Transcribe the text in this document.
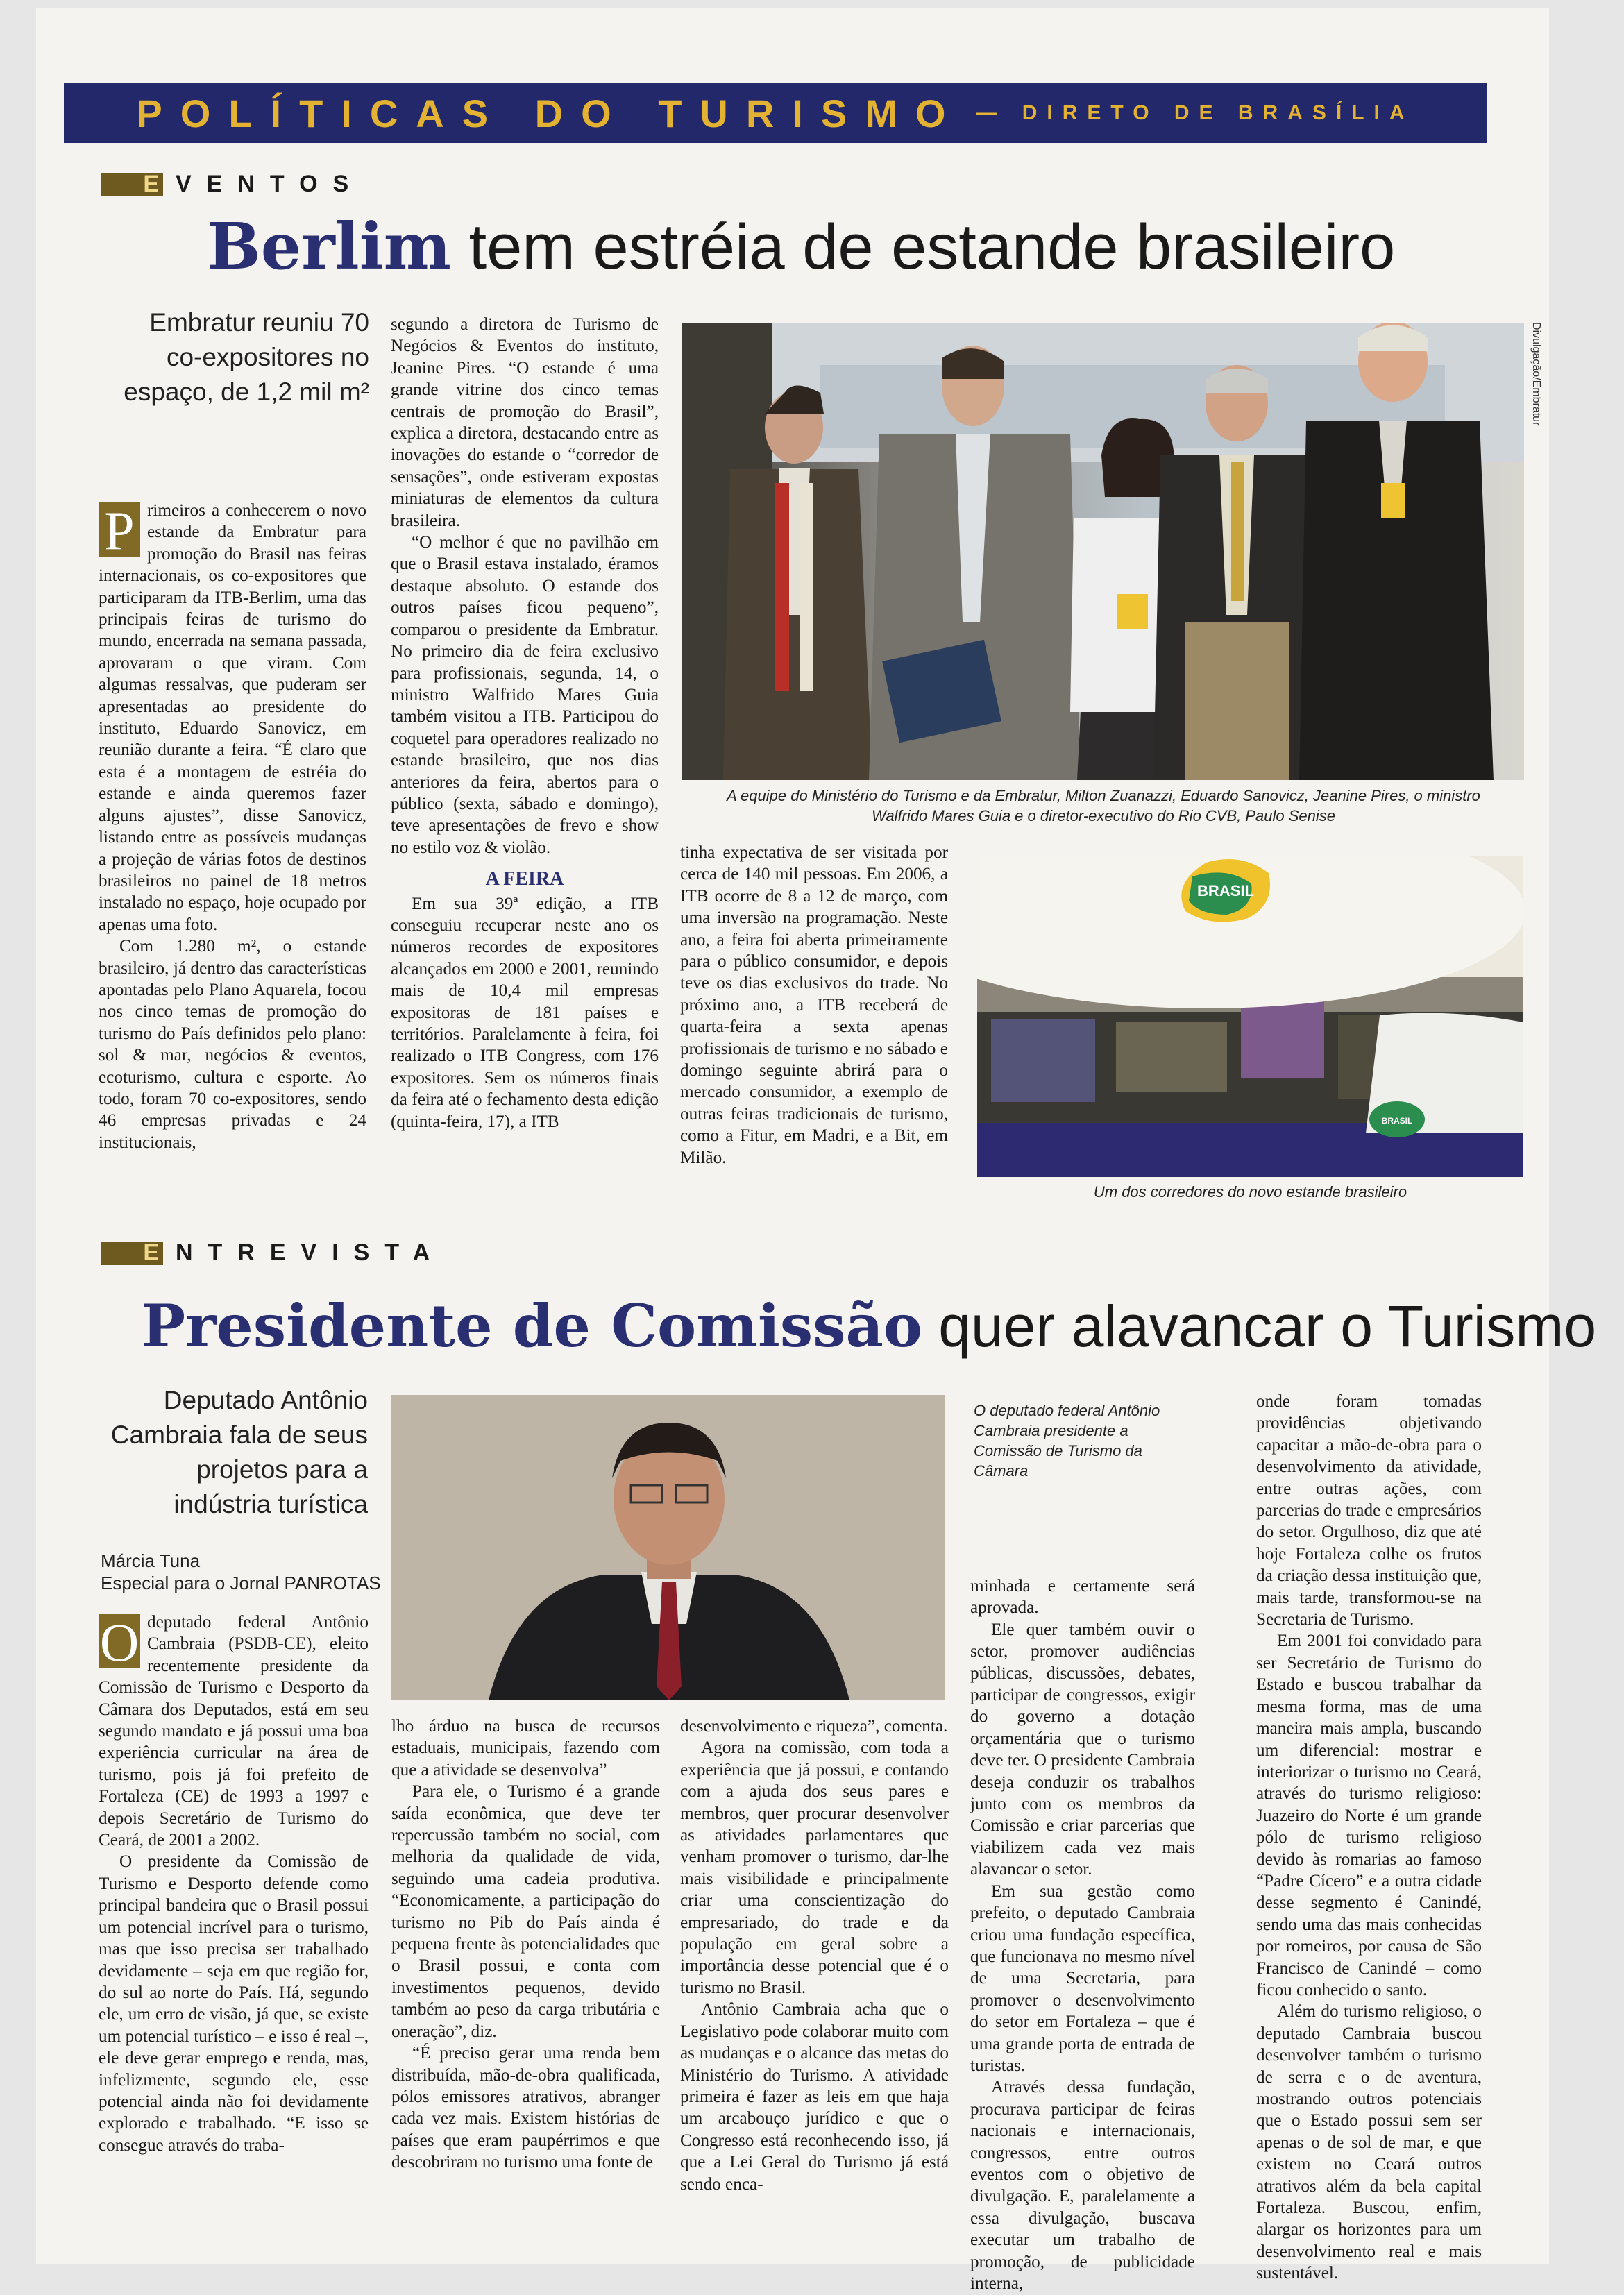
POLÍTICAS DO TURISMO — DIRETO DE BRASÍLIA
E VENTOS
Berlim tem estréia de estande brasileiro
Embratur reuniu 70 co-expositores no espaço, de 1,2 mil m²

P rimeiros a conhecerem o novo estande da Embratur para promoção do Brasil nas feiras internacionais, os co-expositores que participaram da ITB-Berlim, uma das principais feiras de turismo do mundo, encerrada na semana passada, aprovaram o que viram. Com algumas ressalvas, que puderam ser apresentadas ao presidente do instituto, Eduardo Sanovicz, em reunião durante a feira. “É claro que esta é a montagem de estréia do estande e ainda queremos fazer alguns ajustes”, disse Sanovicz, listando entre as possíveis mudanças a projeção de várias fotos de destinos brasileiros no painel de 18 metros instalado no espaço, hoje ocupado por apenas uma foto.

Com 1.280 m², o estande brasileiro, já dentro das características apontadas pelo Plano Aquarela, focou nos cinco temas de promoção do turismo do País definidos pelo plano: sol & mar, negócios & eventos, ecoturismo, cultura e esporte. Ao todo, foram 70 co-expositores, sendo 46 empresas privadas e 24 institucionais,

segundo a diretora de Turismo de Negócios & Eventos do instituto, Jeanine Pires. “O estande é uma grande vitrine dos cinco temas centrais de promoção do Brasil”, explica a diretora, destacando entre as inovações do estande o “corredor de sensações”, onde estiveram expostas miniaturas de elementos da cultura brasileira.

“O melhor é que no pavilhão em que o Brasil estava instalado, éramos destaque absoluto. O estande dos outros países ficou pequeno”, comparou o presidente da Embratur. No primeiro dia de feira exclusivo para profissionais, segunda, 14, o ministro Walfrido Mares Guia também visitou a ITB. Participou do coquetel para operadores realizado no estande brasileiro, que nos dias anteriores da feira, abertos para o público (sexta, sábado e domingo), teve apresentações de frevo e show no estilo voz & violão.

A FEIRA

Em sua 39ª edição, a ITB conseguiu recuperar neste ano os números recordes de expositores alcançados em 2000 e 2001, reunindo mais de 10,4 mil empresas expositoras de 181 países e territórios. Paralelamente à feira, foi realizado o ITB Congress, com 176 expositores. Sem os números finais da feira até o fechamento desta edição (quinta-feira, 17), a ITB

tinha expectativa de ser visitada por cerca de 140 mil pessoas. Em 2006, a ITB ocorre de 8 a 12 de março, com uma inversão na programação. Neste ano, a feira foi aberta primeiramente para o público consumidor, e depois teve os dias exclusivos do trade. No próximo ano, a ITB receberá de quarta-feira a sexta apenas profissionais de turismo e no sábado e domingo seguinte abrirá para o mercado consumidor, a exemplo de outras feiras tradicionais de turismo, como a Fitur, em Madri, e a Bit, em Milão.

Divulgação/Embratur
A equipe do Ministério do Turismo e da Embratur, Milton Zuanazzi, Eduardo Sanovicz, Jeanine Pires, o ministro Walfrido Mares Guia e o diretor-executivo do Rio CVB, Paulo Senise
BRASIL
BRASIL
Um dos corredores do novo estande brasileiro
E NTREVISTA
Presidente de Comissão quer alavancar o Turismo
Deputado Antônio Cambraia fala de seus projetos para a indústria turística
Márcia Tuna
Especial para o Jornal PANROTAS

O deputado federal Antônio Cambraia (PSDB-CE), eleito recentemente presidente da Comissão de Turismo e Desporto da Câmara dos Deputados, está em seu segundo mandato e já possui uma boa experiência curricular na área de turismo, pois já foi prefeito de Fortaleza (CE) de 1993 a 1997 e depois Secretário de Turismo do Ceará, de 2001 a 2002.

O presidente da Comissão de Turismo e Desporto defende como principal bandeira que o Brasil possui um potencial incrível para o turismo, mas que isso precisa ser trabalhado devidamente – seja em que região for, do sul ao norte do País. Há, segundo ele, um erro de visão, já que, se existe um potencial turístico – e isso é real –, ele deve gerar emprego e renda, mas, infelizmente, segundo ele, esse potencial ainda não foi devidamente explorado e trabalhado. “E isso se consegue através do traba-

lho árduo na busca de recursos estaduais, municipais, fazendo com que a atividade se desenvolva”

Para ele, o Turismo é a grande saída econômica, que deve ter repercussão também no social, com melhoria da qualidade de vida, seguindo uma cadeia produtiva. “Economicamente, a participação do turismo no Pib do País ainda é pequena frente às potencialidades que o Brasil possui, e conta com investimentos pequenos, devido também ao peso da carga tributária e oneração”, diz.

“É preciso gerar uma renda bem distribuída, mão-de-obra qualificada, pólos emissores atrativos, abranger cada vez mais. Existem histórias de países que eram paupérrimos e que descobriram no turismo uma fonte de

desenvolvimento e riqueza”, comenta.

Agora na comissão, com toda a experiência que já possui, e contando com a ajuda dos seus pares e membros, quer procurar desenvolver as atividades parlamentares que venham promover o turismo, dar-lhe mais visibilidade e principalmente criar uma conscientização do empresariado, do trade e da população em geral sobre a importância desse potencial que é o turismo no Brasil.

Antônio Cambraia acha que o Legislativo pode colaborar muito com as mudanças e o alcance das metas do Ministério do Turismo. A atividade primeira é fazer as leis em que haja um arcabouço jurídico e que o Congresso está reconhecendo isso, já que a Lei Geral do Turismo já está sendo enca-

O deputado federal Antônio Cambraia presidente a Comissão de Turismo da Câmara

minhada e certamente será aprovada.

Ele quer também ouvir o setor, promover audiências públicas, discussões, debates, participar de congressos, exigir do governo a dotação orçamentária que o turismo deve ter. O presidente Cambraia deseja conduzir os trabalhos junto com os membros da Comissão e criar parcerias que viabilizem cada vez mais alavancar o setor.

Em sua gestão como prefeito, o deputado Cambraia criou uma fundação específica, que funcionava no mesmo nível de uma Secretaria, para promover o desenvolvimento do setor em Fortaleza – que é uma grande porta de entrada de turistas.

Através dessa fundação, procurava participar de feiras nacionais e internacionais, congressos, entre outros eventos com o objetivo de divulgação. E, paralelamente a essa divulgação, buscava executar um trabalho de promoção, de publicidade interna,

onde foram tomadas providências objetivando capacitar a mão-de-obra para o desenvolvimento da atividade, entre outras ações, com parcerias do trade e empresários do setor. Orgulhoso, diz que até hoje Fortaleza colhe os frutos da criação dessa instituição que, mais tarde, transformou-se na Secretaria de Turismo.

Em 2001 foi convidado para ser Secretário de Turismo do Estado e buscou trabalhar da mesma forma, mas de uma maneira mais ampla, buscando um diferencial: mostrar e interiorizar o turismo no Ceará, através do turismo religioso: Juazeiro do Norte é um grande pólo de turismo religioso devido às romarias ao famoso “Padre Cícero” e a outra cidade desse segmento é Canindé, sendo uma das mais conhecidas por romeiros, por causa de São Francisco de Canindé – como ficou conhecido o santo.

Além do turismo religioso, o deputado Cambraia buscou desenvolver também o turismo de serra e o de aventura, mostrando outros potenciais que o Estado possui sem ser apenas o de sol de mar, e que existem no Ceará outros atrativos além da bela capital Fortaleza. Buscou, enfim, alargar os horizontes para um desenvolvimento real e mais sustentável.
